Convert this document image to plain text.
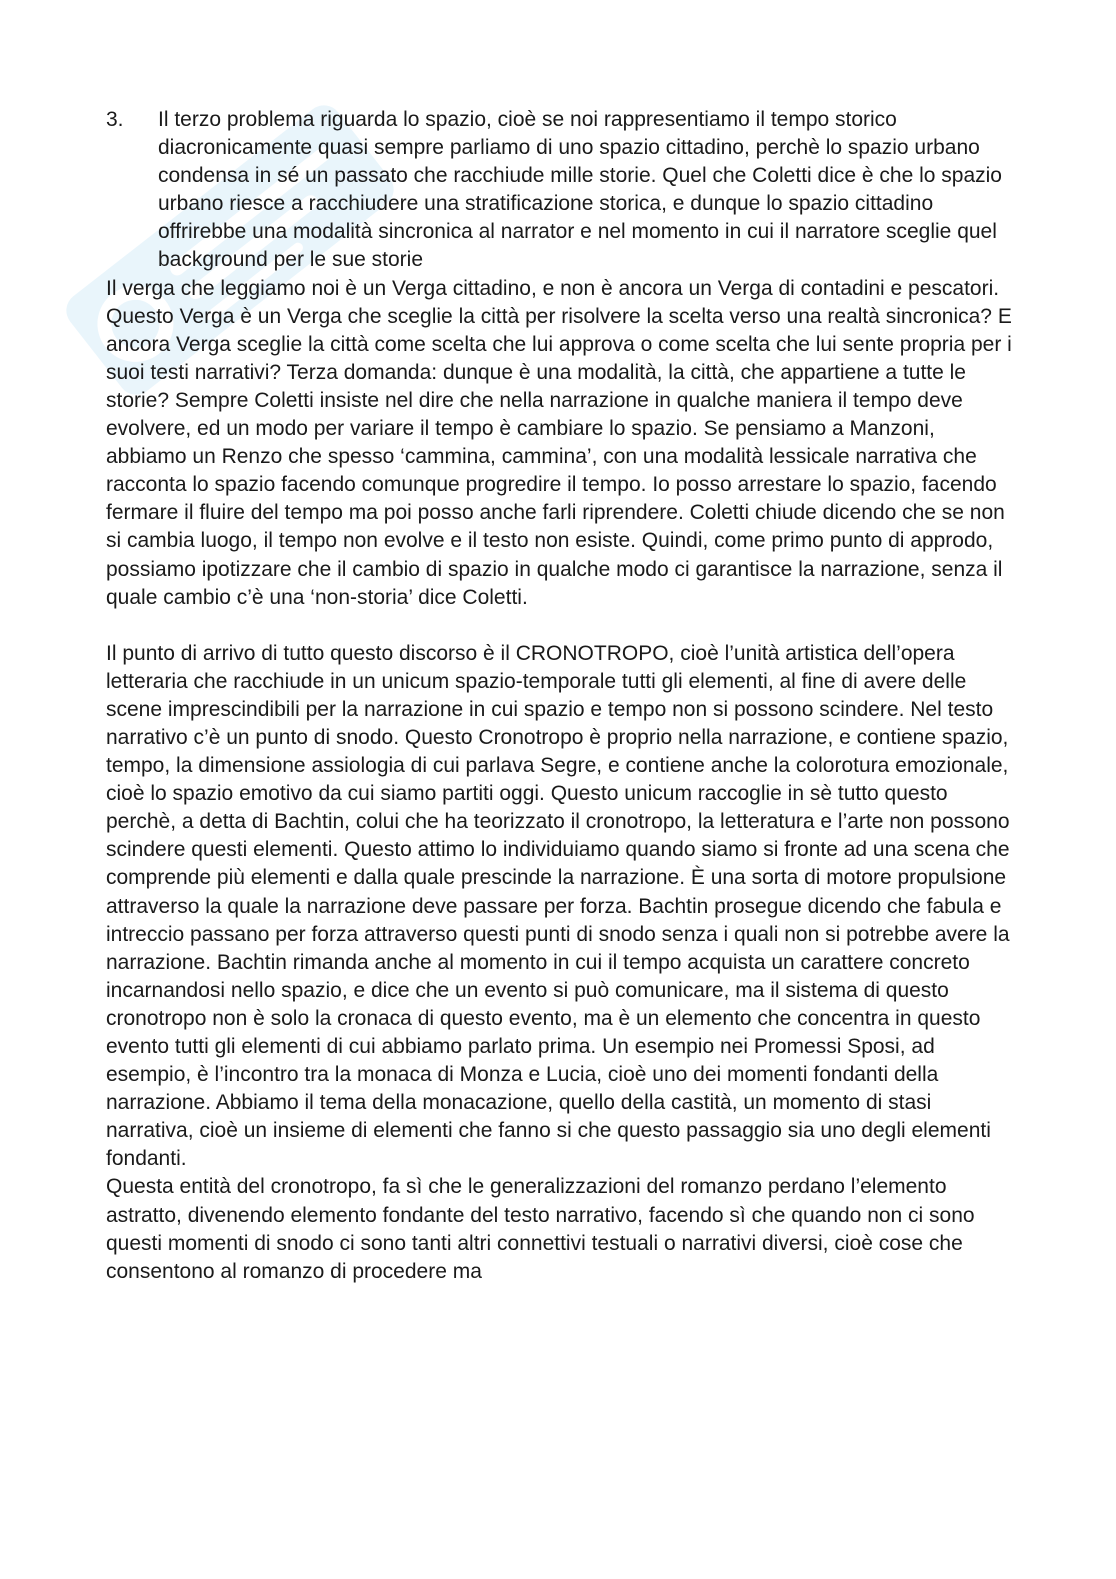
3.	Il terzo problema riguarda lo spazio, cioè se noi rappresentiamo il tempo storico diacronicamente quasi sempre parliamo di uno spazio cittadino, perchè lo spazio urbano condensa in sé un passato che racchiude mille storie. Quel che Coletti dice è che lo spazio urbano riesce a racchiudere una stratificazione storica, e dunque lo spazio cittadino offrirebbe una modalità sincronica al narrator e nel momento in cui il narratore sceglie quel background per le sue storie

Il verga che leggiamo noi è un Verga cittadino, e non è ancora un Verga di contadini e pescatori. Questo Verga è un Verga che sceglie la città per risolvere la scelta verso una realtà sincronica? E ancora Verga sceglie la città come scelta che lui approva o come scelta che lui sente propria per i suoi testi narrativi? Terza domanda: dunque è una modalità, la città, che appartiene a tutte le storie? Sempre Coletti insiste nel dire che nella narrazione in qualche maniera il tempo deve evolvere, ed un modo per variare il tempo è cambiare lo spazio. Se pensiamo a Manzoni, abbiamo un Renzo che spesso ‘cammina, cammina’, con una modalità lessicale narrativa che racconta lo spazio facendo comunque progredire il tempo. Io posso arrestare lo spazio, facendo fermare il fluire del tempo ma poi posso anche farli riprendere. Coletti chiude dicendo che se non si cambia luogo, il tempo non evolve e il testo non esiste. Quindi, come primo punto di approdo, possiamo ipotizzare che il cambio di spazio in qualche modo ci garantisce la narrazione, senza il quale cambio c’è una ‘non-storia’ dice Coletti.

Il punto di arrivo di tutto questo discorso è il CRONOTROPO, cioè l’unità artistica dell’opera letteraria che racchiude in un unicum spazio-temporale tutti gli elementi, al fine di avere delle scene imprescindibili per la narrazione in cui spazio e tempo non si possono scindere. Nel testo narrativo c’è un punto di snodo. Questo Cronotropo è proprio nella narrazione, e contiene spazio, tempo, la dimensione assiologia di cui parlava Segre, e contiene anche la colorotura emozionale, cioè lo spazio emotivo da cui siamo partiti oggi. Questo unicum raccoglie in sè tutto questo perchè, a detta di Bachtin, colui che ha teorizzato il cronotropo, la letteratura e l’arte non possono scindere questi elementi. Questo attimo lo individuiamo quando siamo si fronte ad una scena che comprende più elementi e dalla quale prescinde la narrazione. È una sorta di motore propulsione attraverso la quale la narrazione deve passare per forza. Bachtin prosegue dicendo che fabula e intreccio passano per forza attraverso questi punti di snodo senza i quali non si potrebbe avere la narrazione. Bachtin rimanda anche al momento in cui il tempo acquista un carattere concreto incarnandosi nello spazio, e dice che un evento si può comunicare, ma il sistema di questo cronotropo non è solo la cronaca di questo evento, ma è un elemento che concentra in questo evento tutti gli elementi di cui abbiamo parlato prima. Un esempio nei Promessi Sposi, ad esempio, è l’incontro tra la monaca di Monza e Lucia, cioè uno dei momenti fondanti della narrazione. Abbiamo il tema della monacazione, quello della castità, un momento di stasi narrativa, cioè un insieme di elementi che fanno si che questo passaggio sia uno degli elementi fondanti.

Questa entità del cronotropo, fa sì che le generalizzazioni del romanzo perdano l’elemento astratto, divenendo elemento fondante del testo narrativo, facendo sì che quando non ci sono questi momenti di snodo ci sono tanti altri connettivi testuali o narrativi diversi, cioè cose che consentono al romanzo di procedere ma
